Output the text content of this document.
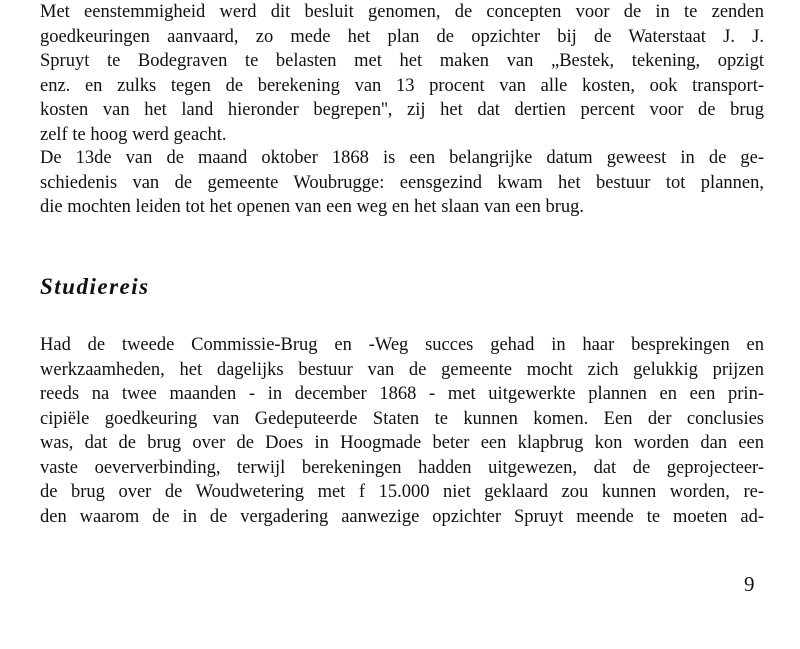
Met eenstemmigheid werd dit besluit genomen, de concepten voor de in te zenden
goedkeuringen aanvaard, zo mede het plan de opzichter bij de Waterstaat J. J.
Spruyt te Bodegraven te belasten met het maken van „Bestek, tekening, opzigt
enz. en zulks tegen de berekening van 13 procent van alle kosten, ook transport-
kosten van het land hieronder begrepen'', zij het dat dertien percent voor de brug
zelf te hoog werd geacht.
De 13de van de maand oktober 1868 is een belangrijke datum geweest in de ge-
schiedenis van de gemeente Woubrugge: eensgezind kwam het bestuur tot plannen,
die mochten leiden tot het openen van een weg en het slaan van een brug.
Studiereis
Had de tweede Commissie-Brug en -Weg succes gehad in haar besprekingen en
werkzaamheden, het dagelijks bestuur van de gemeente mocht zich gelukkig prijzen
reeds na twee maanden - in december 1868 - met uitgewerkte plannen en een prin-
cipiële goedkeuring van Gedeputeerde Staten te kunnen komen. Een der conclusies
was, dat de brug over de Does in Hoogmade beter een klapbrug kon worden dan een
vaste oeververbinding, terwijl berekeningen hadden uitgewezen, dat de geprojecteer-
de brug over de Woudwetering met f 15.000 niet geklaard zou kunnen worden, re-
den waarom de in de vergadering aanwezige opzichter Spruyt meende te moeten ad-
9
